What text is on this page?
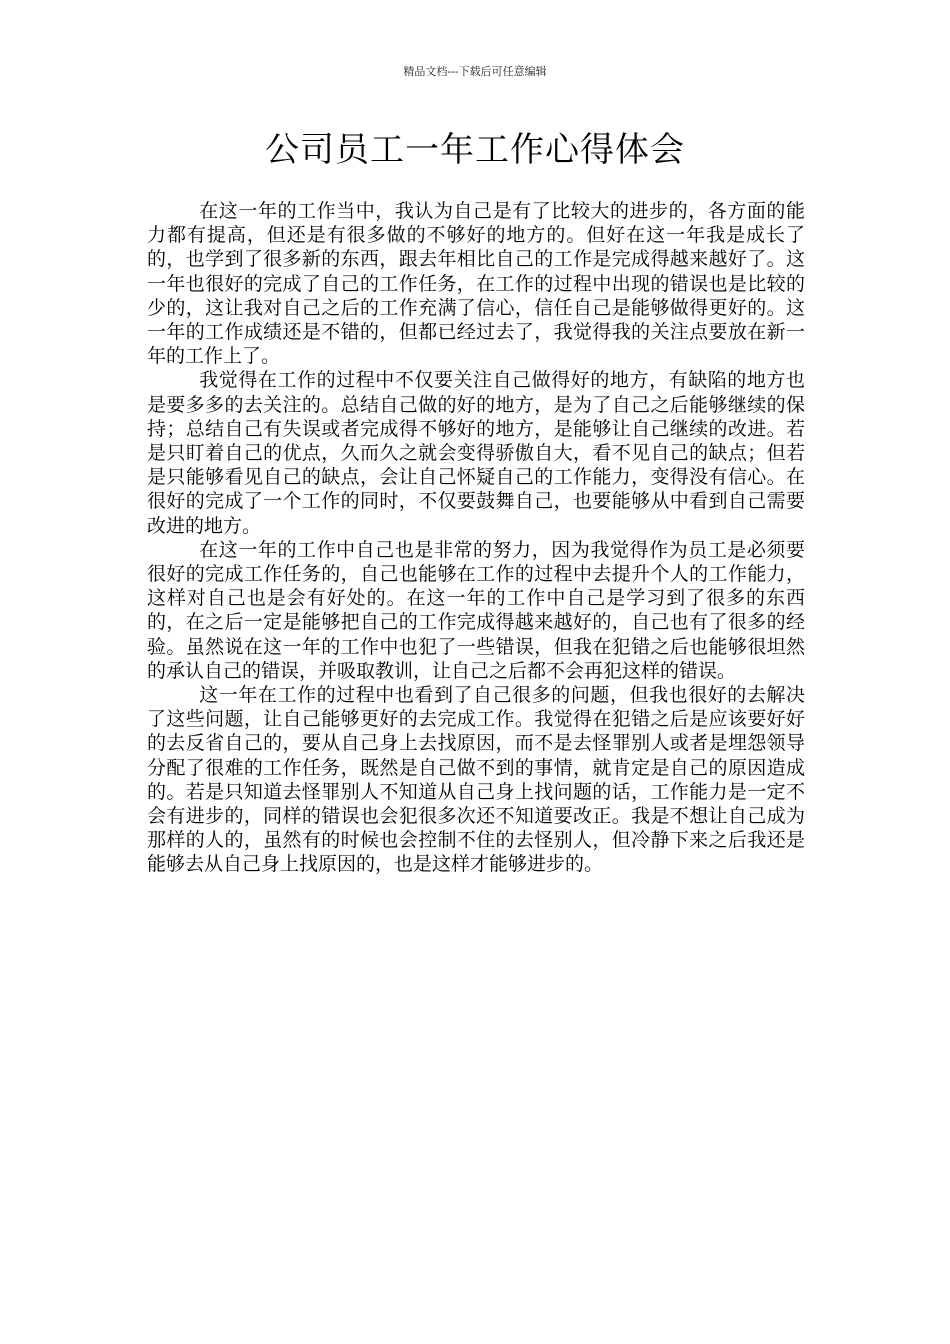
精品文档---下载后可任意编辑
公司员工一年工作心得体会

在这一年的工作当中，我认为自己是有了比较大的进步的，各方面的能力都有提高，但还是有很多做的不够好的地方的。但好在这一年我是成长了的，也学到了很多新的东西，跟去年相比自己的工作是完成得越来越好了。这一年也很好的完成了自己的工作任务，在工作的过程中出现的错误也是比较的少的，这让我对自己之后的工作充满了信心，信任自己是能够做得更好的。这一年的工作成绩还是不错的，但都已经过去了，我觉得我的关注点要放在新一年的工作上了。

我觉得在工作的过程中不仅要关注自己做得好的地方，有缺陷的地方也是要多多的去关注的。总结自己做的好的地方，是为了自己之后能够继续的保持；总结自己有失误或者完成得不够好的地方，是能够让自己继续的改进。若是只盯着自己的优点，久而久之就会变得骄傲自大，看不见自己的缺点；但若是只能够看见自己的缺点，会让自己怀疑自己的工作能力，变得没有信心。在很好的完成了一个工作的同时，不仅要鼓舞自己，也要能够从中看到自己需要改进的地方。

在这一年的工作中自己也是非常的努力，因为我觉得作为员工是必须要很好的完成工作任务的，自己也能够在工作的过程中去提升个人的工作能力，这样对自己也是会有好处的。在这一年的工作中自己是学习到了很多的东西的，在之后一定是能够把自己的工作完成得越来越好的，自己也有了很多的经验。虽然说在这一年的工作中也犯了一些错误，但我在犯错之后也能够很坦然的承认自己的错误，并吸取教训，让自己之后都不会再犯这样的错误。

这一年在工作的过程中也看到了自己很多的问题，但我也很好的去解决了这些问题，让自己能够更好的去完成工作。我觉得在犯错之后是应该要好好的去反省自己的，要从自己身上去找原因，而不是去怪罪别人或者是埋怨领导分配了很难的工作任务，既然是自己做不到的事情，就肯定是自己的原因造成的。若是只知道去怪罪别人不知道从自己身上找问题的话，工作能力是一定不会有进步的，同样的错误也会犯很多次还不知道要改正。我是不想让自己成为那样的人的，虽然有的时候也会控制不住的去怪别人，但冷静下来之后我还是能够去从自己身上找原因的，也是这样才能够进步的。
